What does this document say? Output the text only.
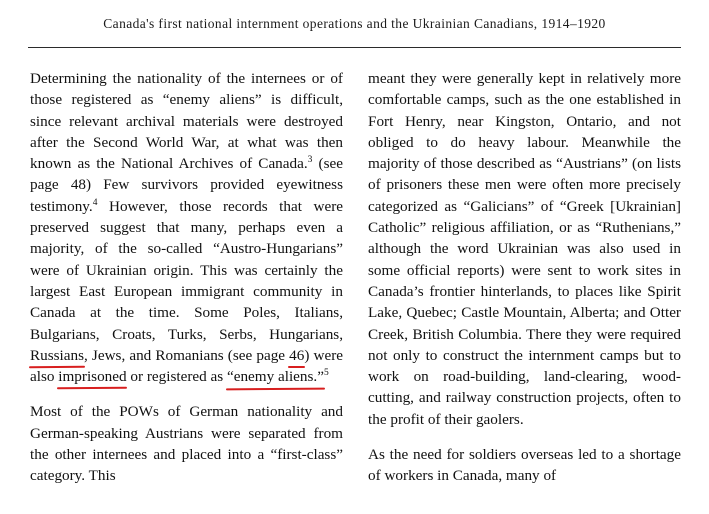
Canada's first national internment operations and the Ukrainian Canadians, 1914–1920

Determining the nationality of the internees or of those registered as “enemy aliens” is difficult, since relevant archival materials were destroyed after the Second World War, at what was then known as the National Archives of Canada.$^3$ (see page 48) Few survivors provided eyewitness testimony.$^4$ However, those records that were preserved suggest that many, perhaps even a majority, of the so-called “Austro-Hungarians” were of Ukrainian origin. This was certainly the largest East European immigrant community in Canada at the time. Some Poles, Italians, Bulgarians, Croats, Turks, Serbs, Hungarians, Russians, Jews, and Romanians (see page 46) were also imprisoned or registered as “enemy aliens.”$^5$

Most of the POWs of German nationality and German-speaking Austrians were separated from the other internees and placed into a “first-class” category. This

meant they were generally kept in relatively more comfortable camps, such as the one established in Fort Henry, near Kingston, Ontario, and not obliged to do heavy labour. Meanwhile the majority of those described as “Austrians” (on lists of prisoners these men were often more precisely categorized as “Galicians” of “Greek [Ukrainian] Catholic” religious affiliation, or as “Ruthenians,” although the word Ukrainian was also used in some official reports) were sent to work sites in Canada’s frontier hinterlands, to places like Spirit Lake, Quebec; Castle Mountain, Alberta; and Otter Creek, British Columbia. There they were required not only to construct the internment camps but to work on road-building, land-clearing, wood-cutting, and railway construction projects, often to the profit of their gaolers.

As the need for soldiers overseas led to a shortage of workers in Canada, many of
